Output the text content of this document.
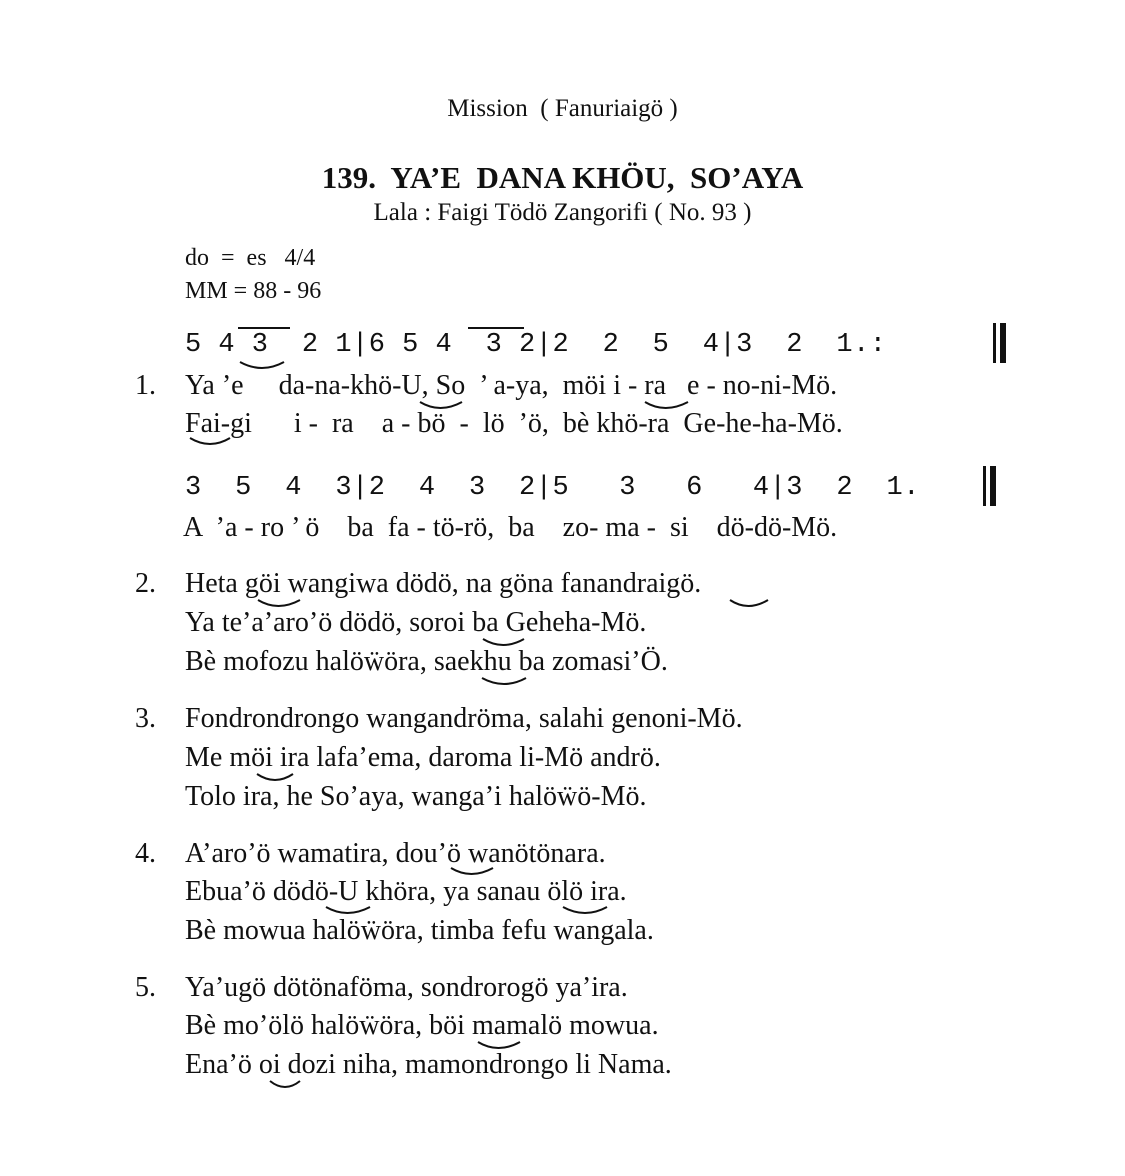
Mission  ( Fanuriaigö )
139.  YA’E  DANA KHÖU,  SO’AYA
Lala : Faigi Tödö Zangorifi ( No. 93 )
do  =  es   4/4
MM = 88 - 96
5 4 3  2 1|6 5 4  3 2|2  2  5  4|3  2  1.:
1. Ya ’e     da-na-khö-U, So  ’ a-ya,  möi i - ra   e - no-ni-Mö.
Fai-gi      i -  ra    a - bö  -  lö  ’ö,  bè khö-ra  Ge-he-ha-Mö.
3  5  4  3|2  4  3  2|5   3   6   4|3  2  1.
A  ’a - ro ’ ö    ba  fa - tö-rö,  ba    zo- ma -  si    dö-dö-Mö.
2. Heta göi wangiwa dödö, na göna fanandraigö.
Ya te’a’aro’ö dödö, soroi ba Geheha-Mö.
Bè mofozu halöẅöra, saekhu ba zomasi’Ö.
3. Fondrondrongo wangandröma, salahi genoni-Mö.
Me möi ira lafa’ema, daroma li-Mö andrö.
Tolo ira, he So’aya, wanga’i halöẅö-Mö.
4. A’aro’ö wamatira, dou’ö wanötönara.
Ebua’ö dödö-U khöra, ya sanau ölö ira.
Bè mowua halöẅöra, timba fefu wangala.
5. Ya’ugö dötönaföma, sondrorogö ya’ira.
Bè mo’ölö halöẅöra, böi mamalö mowua.
Ena’ö oi dozi niha, mamondrongo li Nama.
